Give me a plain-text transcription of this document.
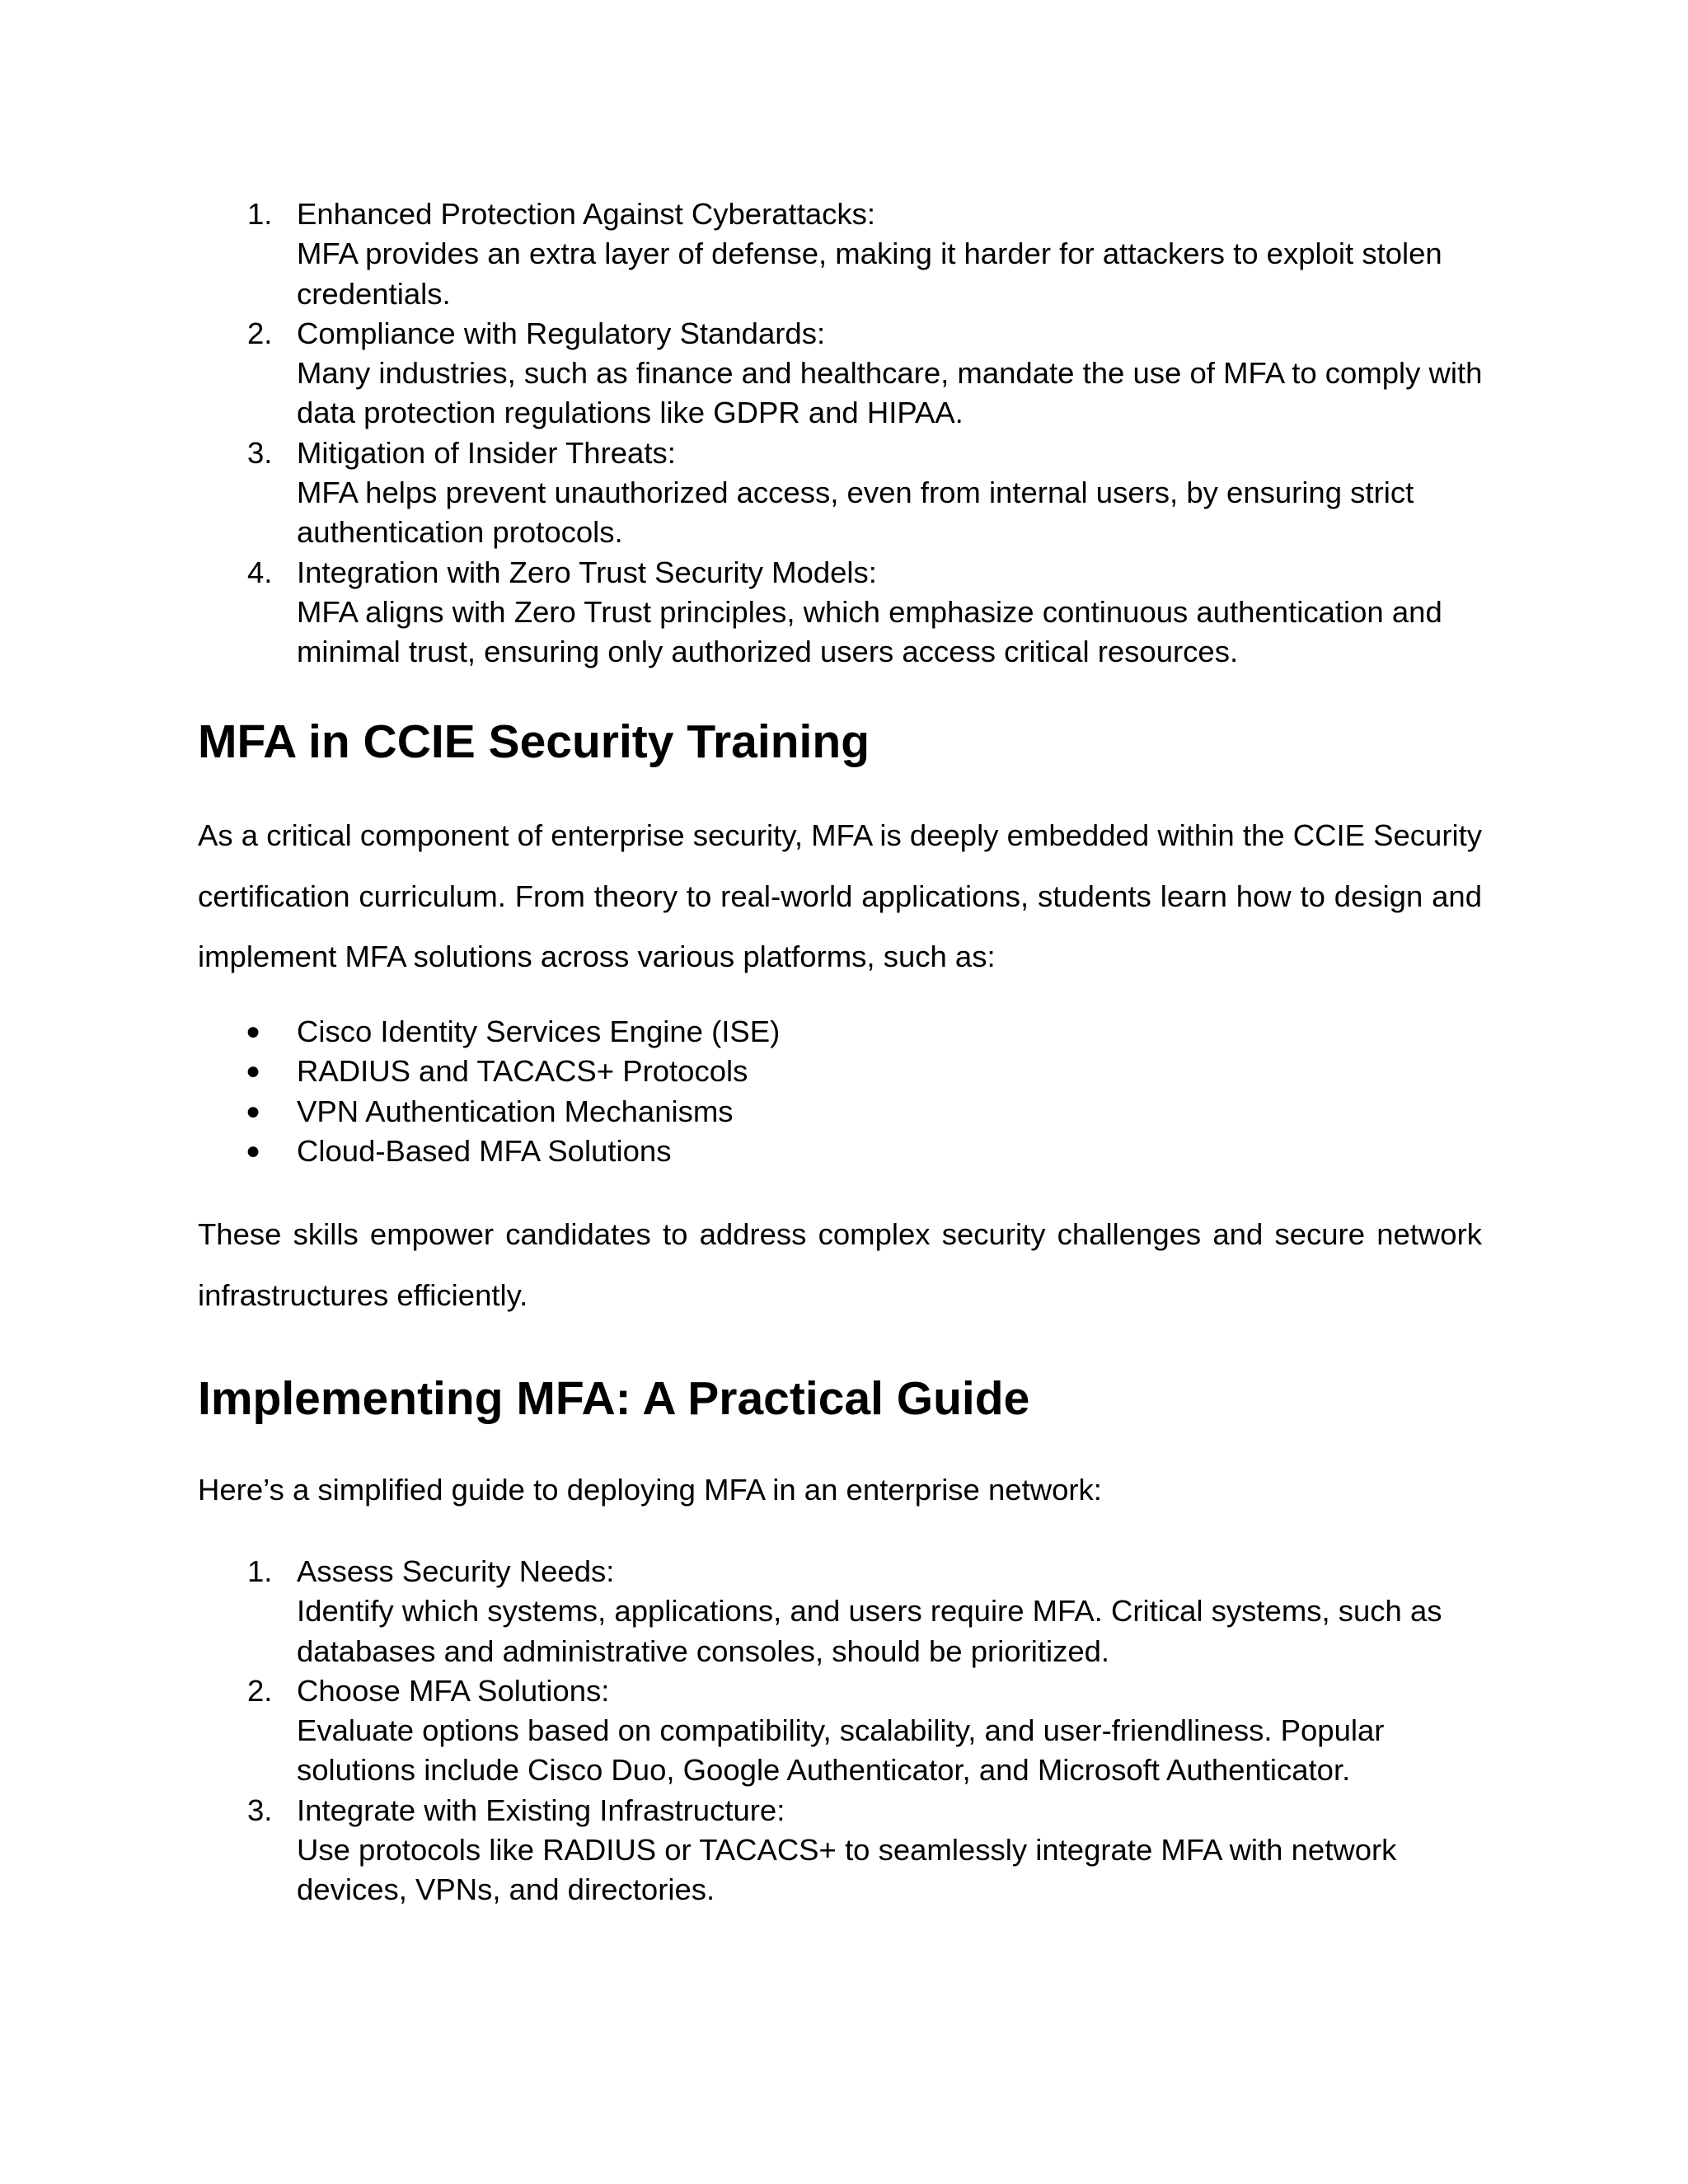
1. Enhanced Protection Against Cyberattacks:
MFA provides an extra layer of defense, making it harder for attackers to exploit stolen credentials.
2. Compliance with Regulatory Standards:
Many industries, such as finance and healthcare, mandate the use of MFA to comply with data protection regulations like GDPR and HIPAA.
3. Mitigation of Insider Threats:
MFA helps prevent unauthorized access, even from internal users, by ensuring strict authentication protocols.
4. Integration with Zero Trust Security Models:
MFA aligns with Zero Trust principles, which emphasize continuous authentication and minimal trust, ensuring only authorized users access critical resources.
MFA in CCIE Security Training

As a critical component of enterprise security, MFA is deeply embedded within the CCIE Security certification curriculum. From theory to real-world applications, students learn how to design and implement MFA solutions across various platforms, such as:

● Cisco Identity Services Engine (ISE)
● RADIUS and TACACS+ Protocols
● VPN Authentication Mechanisms
● Cloud-Based MFA Solutions

These skills empower candidates to address complex security challenges and secure network infrastructures efficiently.

Implementing MFA: A Practical Guide

Here’s a simplified guide to deploying MFA in an enterprise network:

1. Assess Security Needs:
Identify which systems, applications, and users require MFA. Critical systems, such as databases and administrative consoles, should be prioritized.
2. Choose MFA Solutions:
Evaluate options based on compatibility, scalability, and user-friendliness. Popular solutions include Cisco Duo, Google Authenticator, and Microsoft Authenticator.
3. Integrate with Existing Infrastructure:
Use protocols like RADIUS or TACACS+ to seamlessly integrate MFA with network devices, VPNs, and directories.
